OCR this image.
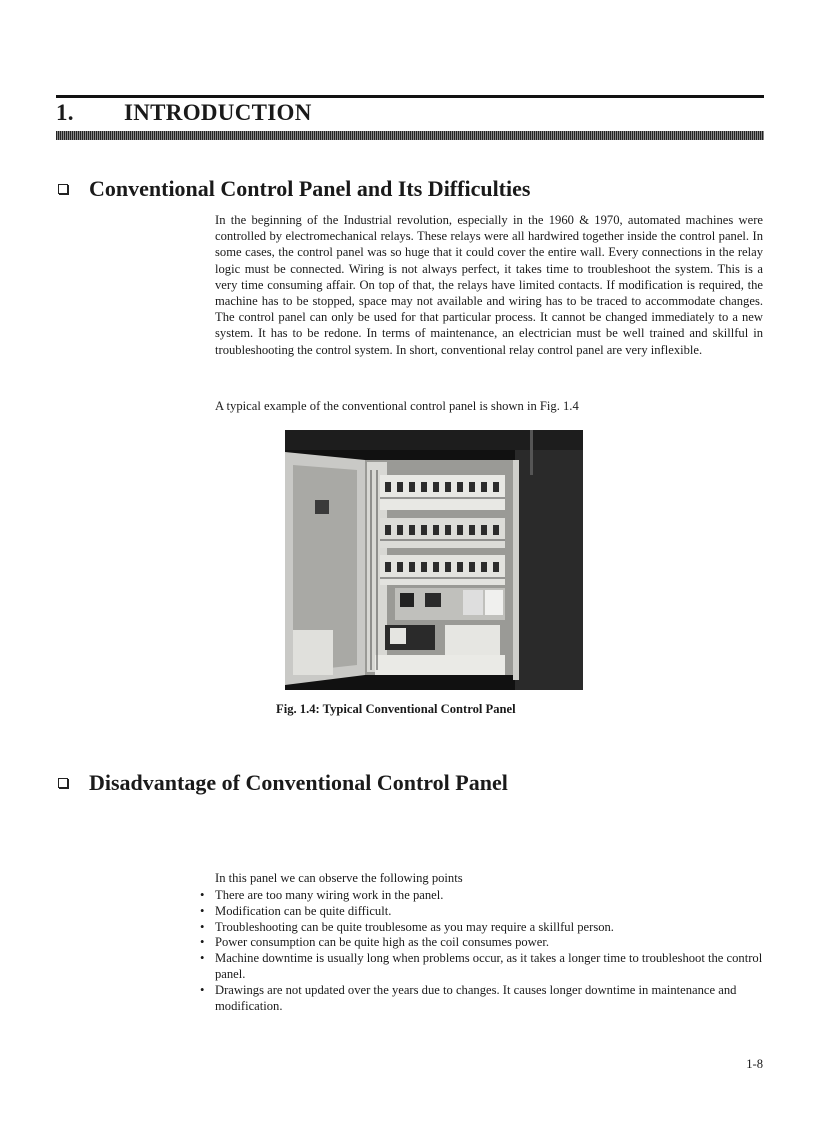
1. INTRODUCTION
Conventional Control Panel and Its Difficulties

In the beginning of the Industrial revolution, especially in the 1960 & 1970, automated machines were controlled by electromechanical relays. These relays were all hardwired together inside the control panel. In some cases, the control panel was so huge that it could cover the entire wall. Every connections in the relay logic must be connected. Wiring is not always perfect, it takes time to troubleshoot the system. This is a very time consuming affair. On top of that, the relays have limited contacts. If modification is required, the machine has to be stopped, space may not available and wiring has to be traced to accommodate changes. The control panel can only be used for that particular process. It cannot be changed immediately to a new system. It has to be redone. In terms of maintenance, an electrician must be well trained and skillful in troubleshooting the control system. In short, conventional relay control panel are very inflexible.

A typical example of the conventional control panel is shown in Fig. 1.4

Fig. 1.4: Typical Conventional Control Panel

Disadvantage of Conventional Control Panel

In this panel we can observe the following points

• There are too many wiring work in the panel.
• Modification can be quite difficult.
• Troubleshooting can be quite troublesome as you may require a skillful person.
• Power consumption can be quite high as the coil consumes power.
• Machine downtime is usually long when problems occur, as it takes a longer time to troubleshoot the control panel.
• Drawings are not updated over the years due to changes. It causes longer downtime in maintenance and modification.

1-8
